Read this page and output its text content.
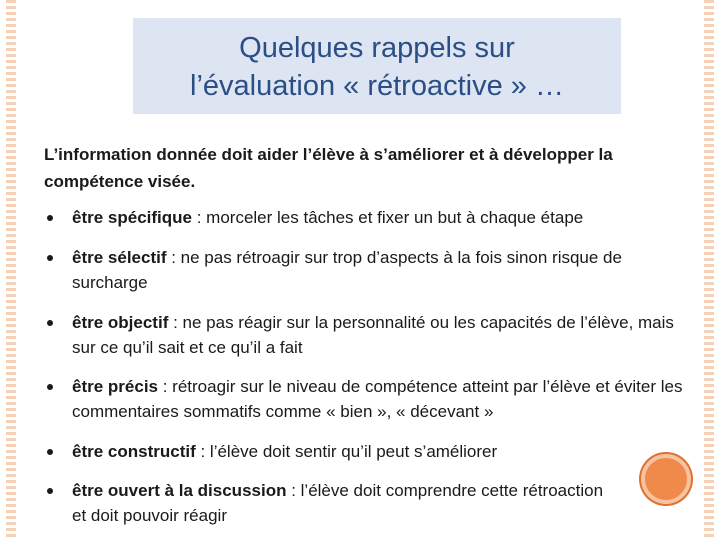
Quelques rappels sur
l’évaluation « rétroactive » …
L’information donnée doit aider l’élève à s’améliorer et à développer la compétence visée.
être spécifique : morceler les tâches et fixer un but à chaque étape
être sélectif : ne pas rétroagir sur trop d’aspects à la fois sinon risque de surcharge
être objectif : ne pas réagir sur la personnalité ou les capacités de l’élève, mais sur ce qu’il sait et ce qu’il a fait
être précis : rétroagir sur le niveau de compétence atteint par l’élève et éviter les commentaires sommatifs comme « bien », « décevant »
être constructif : l’élève doit sentir qu’il peut s’améliorer
être ouvert à la discussion : l’élève doit comprendre cette rétroaction et doit pouvoir réagir
